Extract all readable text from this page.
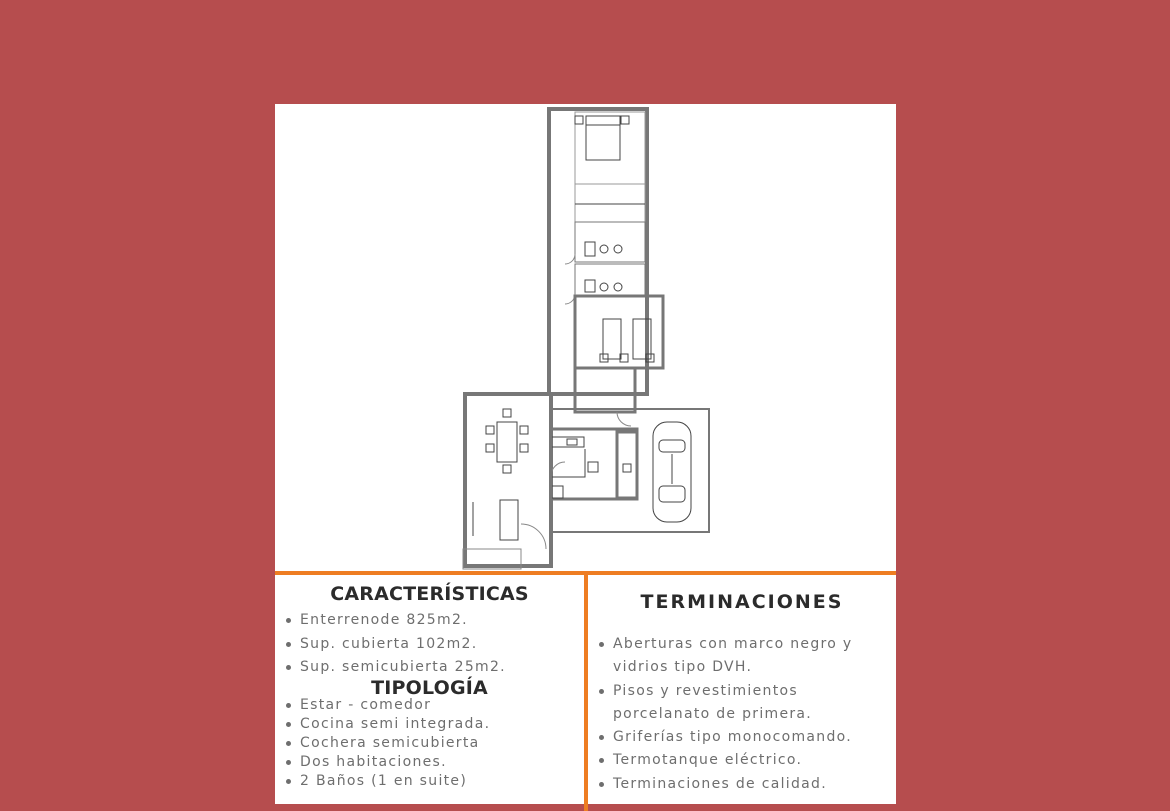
CARACTERÍSTICAS
Enterrenode 825m2.
Sup. cubierta 102m2.
Sup. semicubierta 25m2.
TIPOLOGÍA
Estar - comedor
Cocina semi integrada.
Cochera semicubierta
Dos habitaciones.
2 Baños (1 en suite)
TERMINACIONES
Aberturas con marco negro y vidrios tipo DVH.
Pisos y revestimientos porcelanato de primera.
Griferías tipo monocomando.
Termotanque eléctrico.
Terminaciones de calidad.
